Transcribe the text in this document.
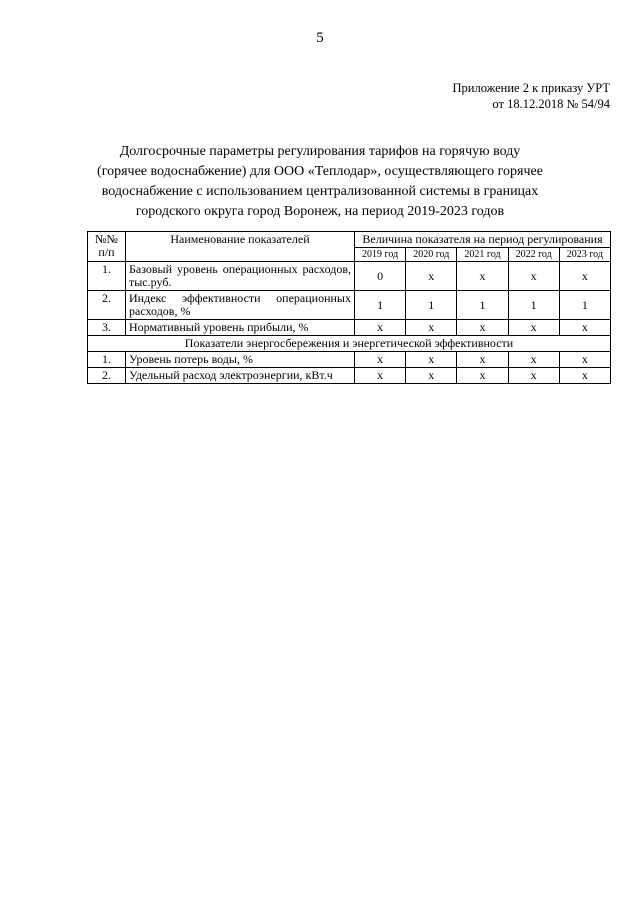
5
Приложение 2 к приказу УРТ
от 18.12.2018 № 54/94
Долгосрочные параметры регулирования тарифов на горячую воду (горячее водоснабжение) для ООО «Теплодар», осуществляющего горячее водоснабжение с использованием централизованной системы в границах городского округа город Воронеж, на период 2019-2023 годов
№№ п/п	Наименование показателей	Величина показателя на период регулирования				
		2019 год	2020 год	2021 год	2022 год	2023 год
1.	Базовый уровень операционных расходов, тыс.руб.	0	x	x	x	x
2.	Индекс эффективности операционных расходов, %	1	1	1	1	1
3.	Нормативный уровень прибыли, %	x	x	x	x	x
Показатели энергосбережения и энергетической эффективности						
1.	Уровень потерь воды, %	x	x	x	x	x
2.	Удельный расход электроэнергии, кВт.ч	x	x	x	x	x
